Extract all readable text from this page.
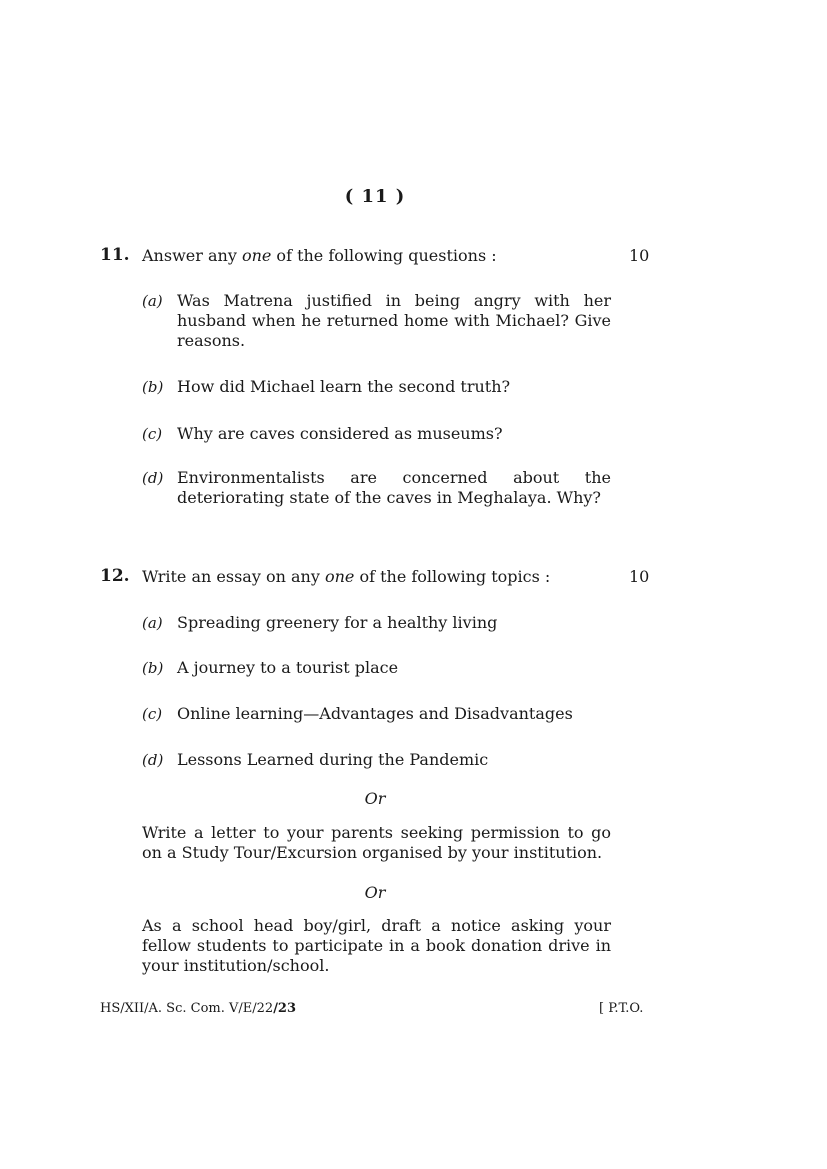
( 11 )
11. Answer any one of the following questions :	10
(a) Was Matrena justified in being angry with her husband when he returned home with Michael? Give reasons.
(b) How did Michael learn the second truth?
(c) Why are caves considered as museums?
(d) Environmentalists are concerned about the
deteriorating state of the caves in Meghalaya. Why?
12. Write an essay on any one of the following topics :	10
(a) Spreading greenery for a healthy living
(b) A journey to a tourist place
(c) Online learning—Advantages and Disadvantages
(d) Lessons Learned during the Pandemic
Or
Write a letter to your parents seeking permission to go on a Study Tour/Excursion organised by your institution.
Or
As a school head boy/girl, draft a notice asking your fellow students to participate in a book donation drive in your institution/school.
HS/XII/A. Sc. Com. V/E/22/23	[ P.T.O.
